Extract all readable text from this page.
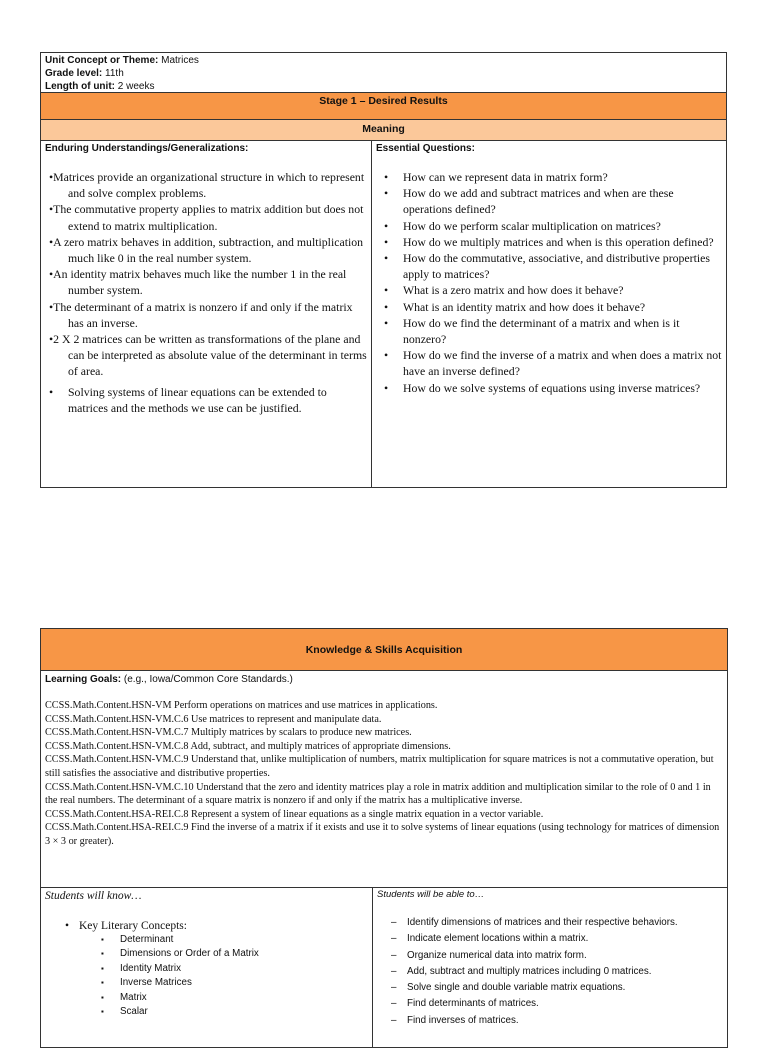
Unit Concept or Theme: Matrices
Grade level: 11th
Length of unit: 2 weeks
Stage 1 – Desired Results
Meaning
Enduring Understandings/Generalizations:
•Matrices provide an organizational structure in which to represent and solve complex problems.
•The commutative property applies to matrix addition but does not extend to matrix multiplication.
•A zero matrix behaves in addition, subtraction, and multiplication much like 0 in the real number system.
•An identity matrix behaves much like the number 1 in the real number system.
•The determinant of a matrix is nonzero if and only if the matrix has an inverse.
•2 X 2 matrices can be written as transformations of the plane and can be interpreted as absolute value of the determinant in terms of area.
• Solving systems of linear equations can be extended to matrices and the methods we use can be justified.
Essential Questions:
• How can we represent data in matrix form?
• How do we add and subtract matrices and when are these operations defined?
• How do we perform scalar multiplication on matrices?
• How do we multiply matrices and when is this operation defined?
• How do the commutative, associative, and distributive properties apply to matrices?
• What is a zero matrix and how does it behave?
• What is an identity matrix and how does it behave?
• How do we find the determinant of a matrix and when is it nonzero?
• How do we find the inverse of a matrix and when does a matrix not have an inverse defined?
• How do we solve systems of equations using inverse matrices?
Knowledge & Skills Acquisition
Learning Goals: (e.g., Iowa/Common Core Standards.)
CCSS.Math.Content.HSN-VM Perform operations on matrices and use matrices in applications.
CCSS.Math.Content.HSN-VM.C.6 Use matrices to represent and manipulate data.
CCSS.Math.Content.HSN-VM.C.7 Multiply matrices by scalars to produce new matrices.
CCSS.Math.Content.HSN-VM.C.8 Add, subtract, and multiply matrices of appropriate dimensions.
CCSS.Math.Content.HSN-VM.C.9 Understand that, unlike multiplication of numbers, matrix multiplication for square matrices is not a commutative operation, but still satisfies the associative and distributive properties.
CCSS.Math.Content.HSN-VM.C.10 Understand that the zero and identity matrices play a role in matrix addition and multiplication similar to the role of 0 and 1 in the real numbers. The determinant of a square matrix is nonzero if and only if the matrix has a multiplicative inverse.
CCSS.Math.Content.HSA-REI.C.8 Represent a system of linear equations as a single matrix equation in a vector variable.
CCSS.Math.Content.HSA-REI.C.9 Find the inverse of a matrix if it exists and use it to solve systems of linear equations (using technology for matrices of dimension 3 × 3 or greater).
Students will know…
• Key Literary Concepts:
▪ Determinant
▪ Dimensions or Order of a Matrix
▪ Identity Matrix
▪ Inverse Matrices
▪ Matrix
▪ Scalar
Students will be able to…
– Identify dimensions of matrices and their respective behaviors.
– Indicate element locations within a matrix.
– Organize numerical data into matrix form.
– Add, subtract and multiply matrices including 0 matrices.
– Solve single and double variable matrix equations.
– Find determinants of matrices.
– Find inverses of matrices.
